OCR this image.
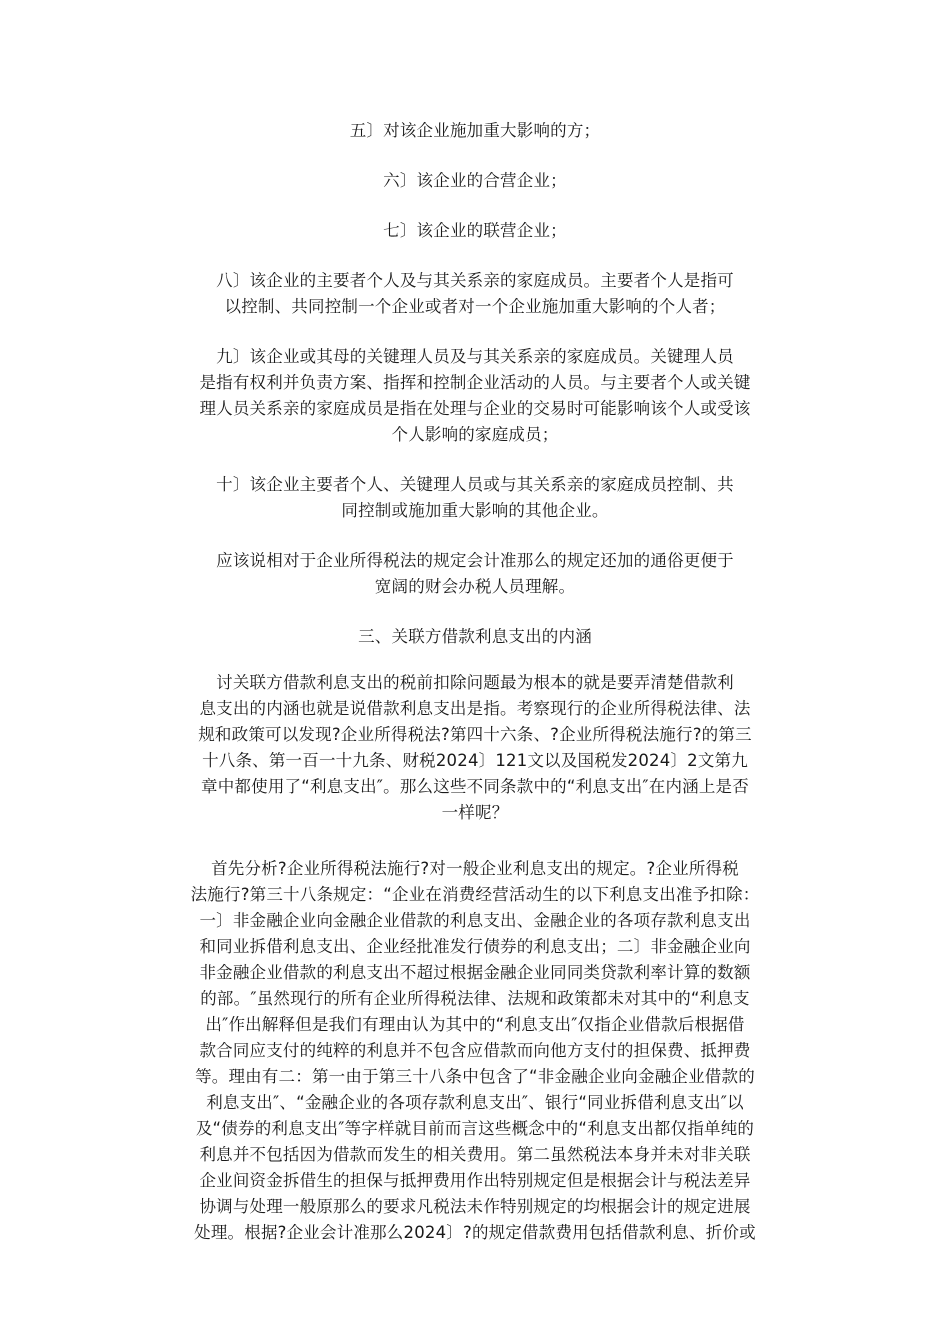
五〕对该企业施加重大影响的方；

六〕该企业的合营企业；

七〕该企业的联营企业；

八〕该企业的主要者个人及与其关系亲的家庭成员。主要者个人是指可
以控制、共同控制一个企业或者对一个企业施加重大影响的个人者；

九〕该企业或其母的关键理人员及与其关系亲的家庭成员。关键理人员
是指有权利并负责方案、指挥和控制企业活动的人员。与主要者个人或关键
理人员关系亲的家庭成员是指在处理与企业的交易时可能影响该个人或受该
个人影响的家庭成员；

十〕该企业主要者个人、关键理人员或与其关系亲的家庭成员控制、共
同控制或施加重大影响的其他企业。

应该说相对于企业所得税法的规定会计准那么的规定还加的通俗更便于
宽阔的财会办税人员理解。

三、关联方借款利息支出的内涵

讨关联方借款利息支出的税前扣除问题最为根本的就是要弄清楚借款利
息支出的内涵也就是说借款利息支出是指。考察现行的企业所得税法律、法
规和政策可以发现?企业所得税法?第四十六条、?企业所得税法施行?的第三
十八条、第一百一十九条、财税2024〕121文以及国税发2024〕2文第九
章中都使用了“利息支出″。那么这些不同条款中的“利息支出″在内涵上是否
一样呢？

首先分析?企业所得税法施行?对一般企业利息支出的规定。?企业所得税
法施行?第三十八条规定：“企业在消费经营活动生的以下利息支出准予扣除：
一〕非金融企业向金融企业借款的利息支出、金融企业的各项存款利息支出
和同业拆借利息支出、企业经批准发行债券的利息支出；二〕非金融企业向
非金融企业借款的利息支出不超过根据金融企业同同类贷款利率计算的数额
的部。″虽然现行的所有企业所得税法律、法规和政策都未对其中的“利息支
出″作出解释但是我们有理由认为其中的“利息支出″仅指企业借款后根据借
款合同应支付的纯粹的利息并不包含应借款而向他方支付的担保费、抵押费
等。理由有二：第一由于第三十八条中包含了“非金融企业向金融企业借款的
利息支出″、“金融企业的各项存款利息支出″、银行“同业拆借利息支出″以
及“债券的利息支出″等字样就目前而言这些概念中的“利息支出都仅指单纯的
利息并不包括因为借款而发生的相关费用。第二虽然税法本身并未对非关联
企业间资金拆借生的担保与抵押费用作出特别规定但是根据会计与税法差异
协调与处理一般原那么的要求凡税法未作特别规定的均根据会计的规定进展
处理。根据?企业会计准那么2024〕?的规定借款费用包括借款利息、折价或
